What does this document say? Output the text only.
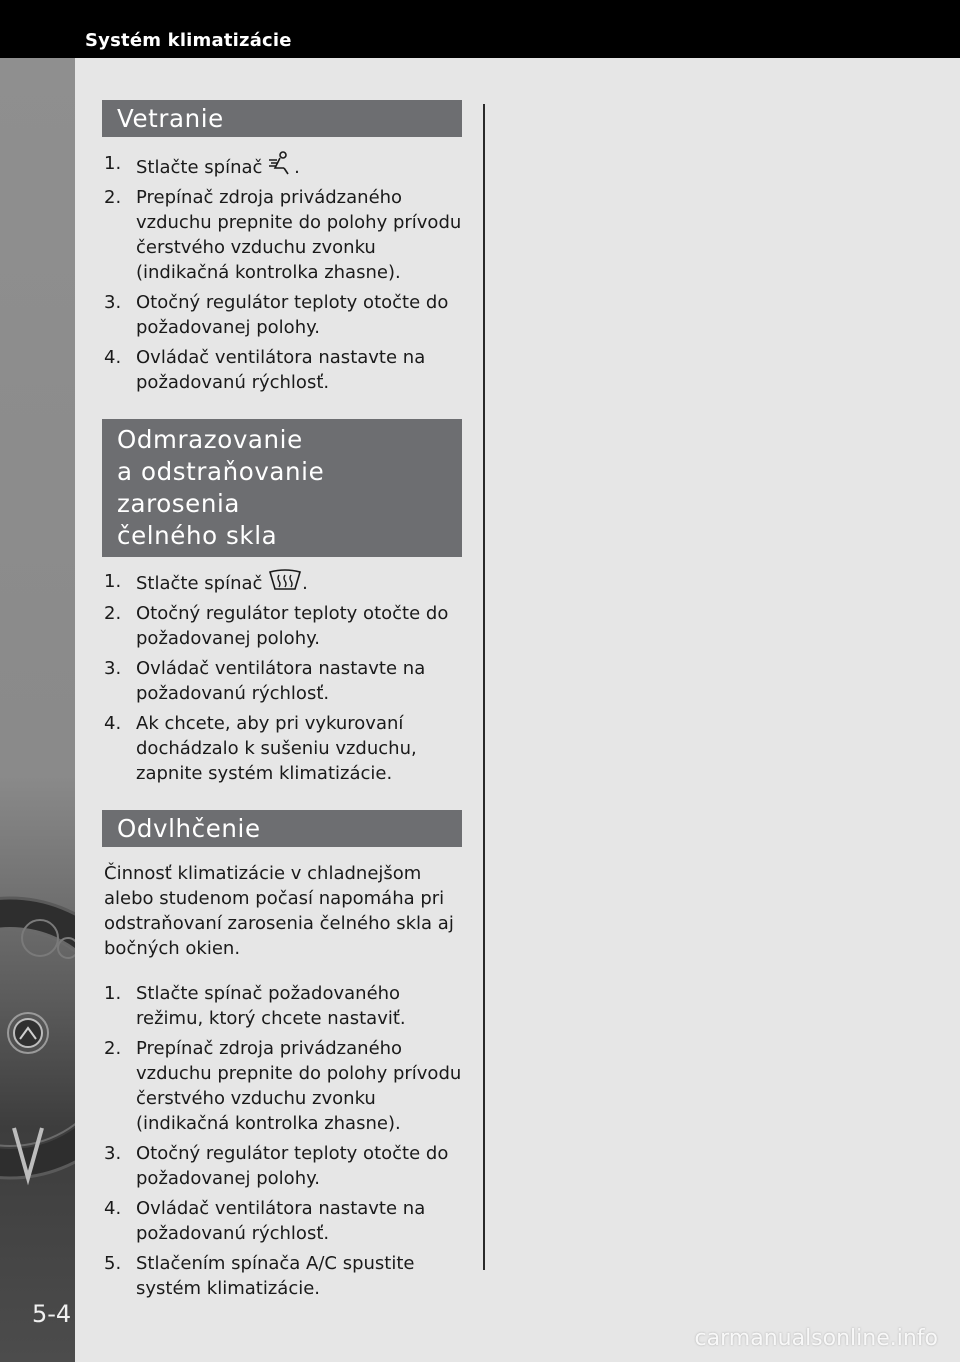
Systém klimatizácie
5-4
Vetranie
1. Stlačte spínač .
2. Prepínač zdroja privádzaného vzduchu prepnite do polohy prívodu čerstvého vzduchu zvonku (indikačná kontrolka zhasne).
3. Otočný regulátor teploty otočte do požadovanej polohy.
4. Ovládač ventilátora nastavte na požadovanú rýchlosť.
Odmrazovanie
a odstraňovanie zarosenia
čelného skla
1. Stlačte spínač .
2. Otočný regulátor teploty otočte do požadovanej polohy.
3. Ovládač ventilátora nastavte na požadovanú rýchlosť.
4. Ak chcete, aby pri vykurovaní dochádzalo k sušeniu vzduchu, zapnite systém klimatizácie.
Odvlhčenie

Činnosť klimatizácie v chladnejšom alebo studenom počasí napomáha pri odstraňovaní zarosenia čelného skla aj bočných okien.

1. Stlačte spínač požadovaného režimu, ktorý chcete nastaviť.
2. Prepínač zdroja privádzaného vzduchu prepnite do polohy prívodu čerstvého vzduchu zvonku (indikačná kontrolka zhasne).
3. Otočný regulátor teploty otočte do požadovanej polohy.
4. Ovládač ventilátora nastavte na požadovanú rýchlosť.
5. Stlačením spínača A/C spustite systém klimatizácie.
carmanualsonline.info
